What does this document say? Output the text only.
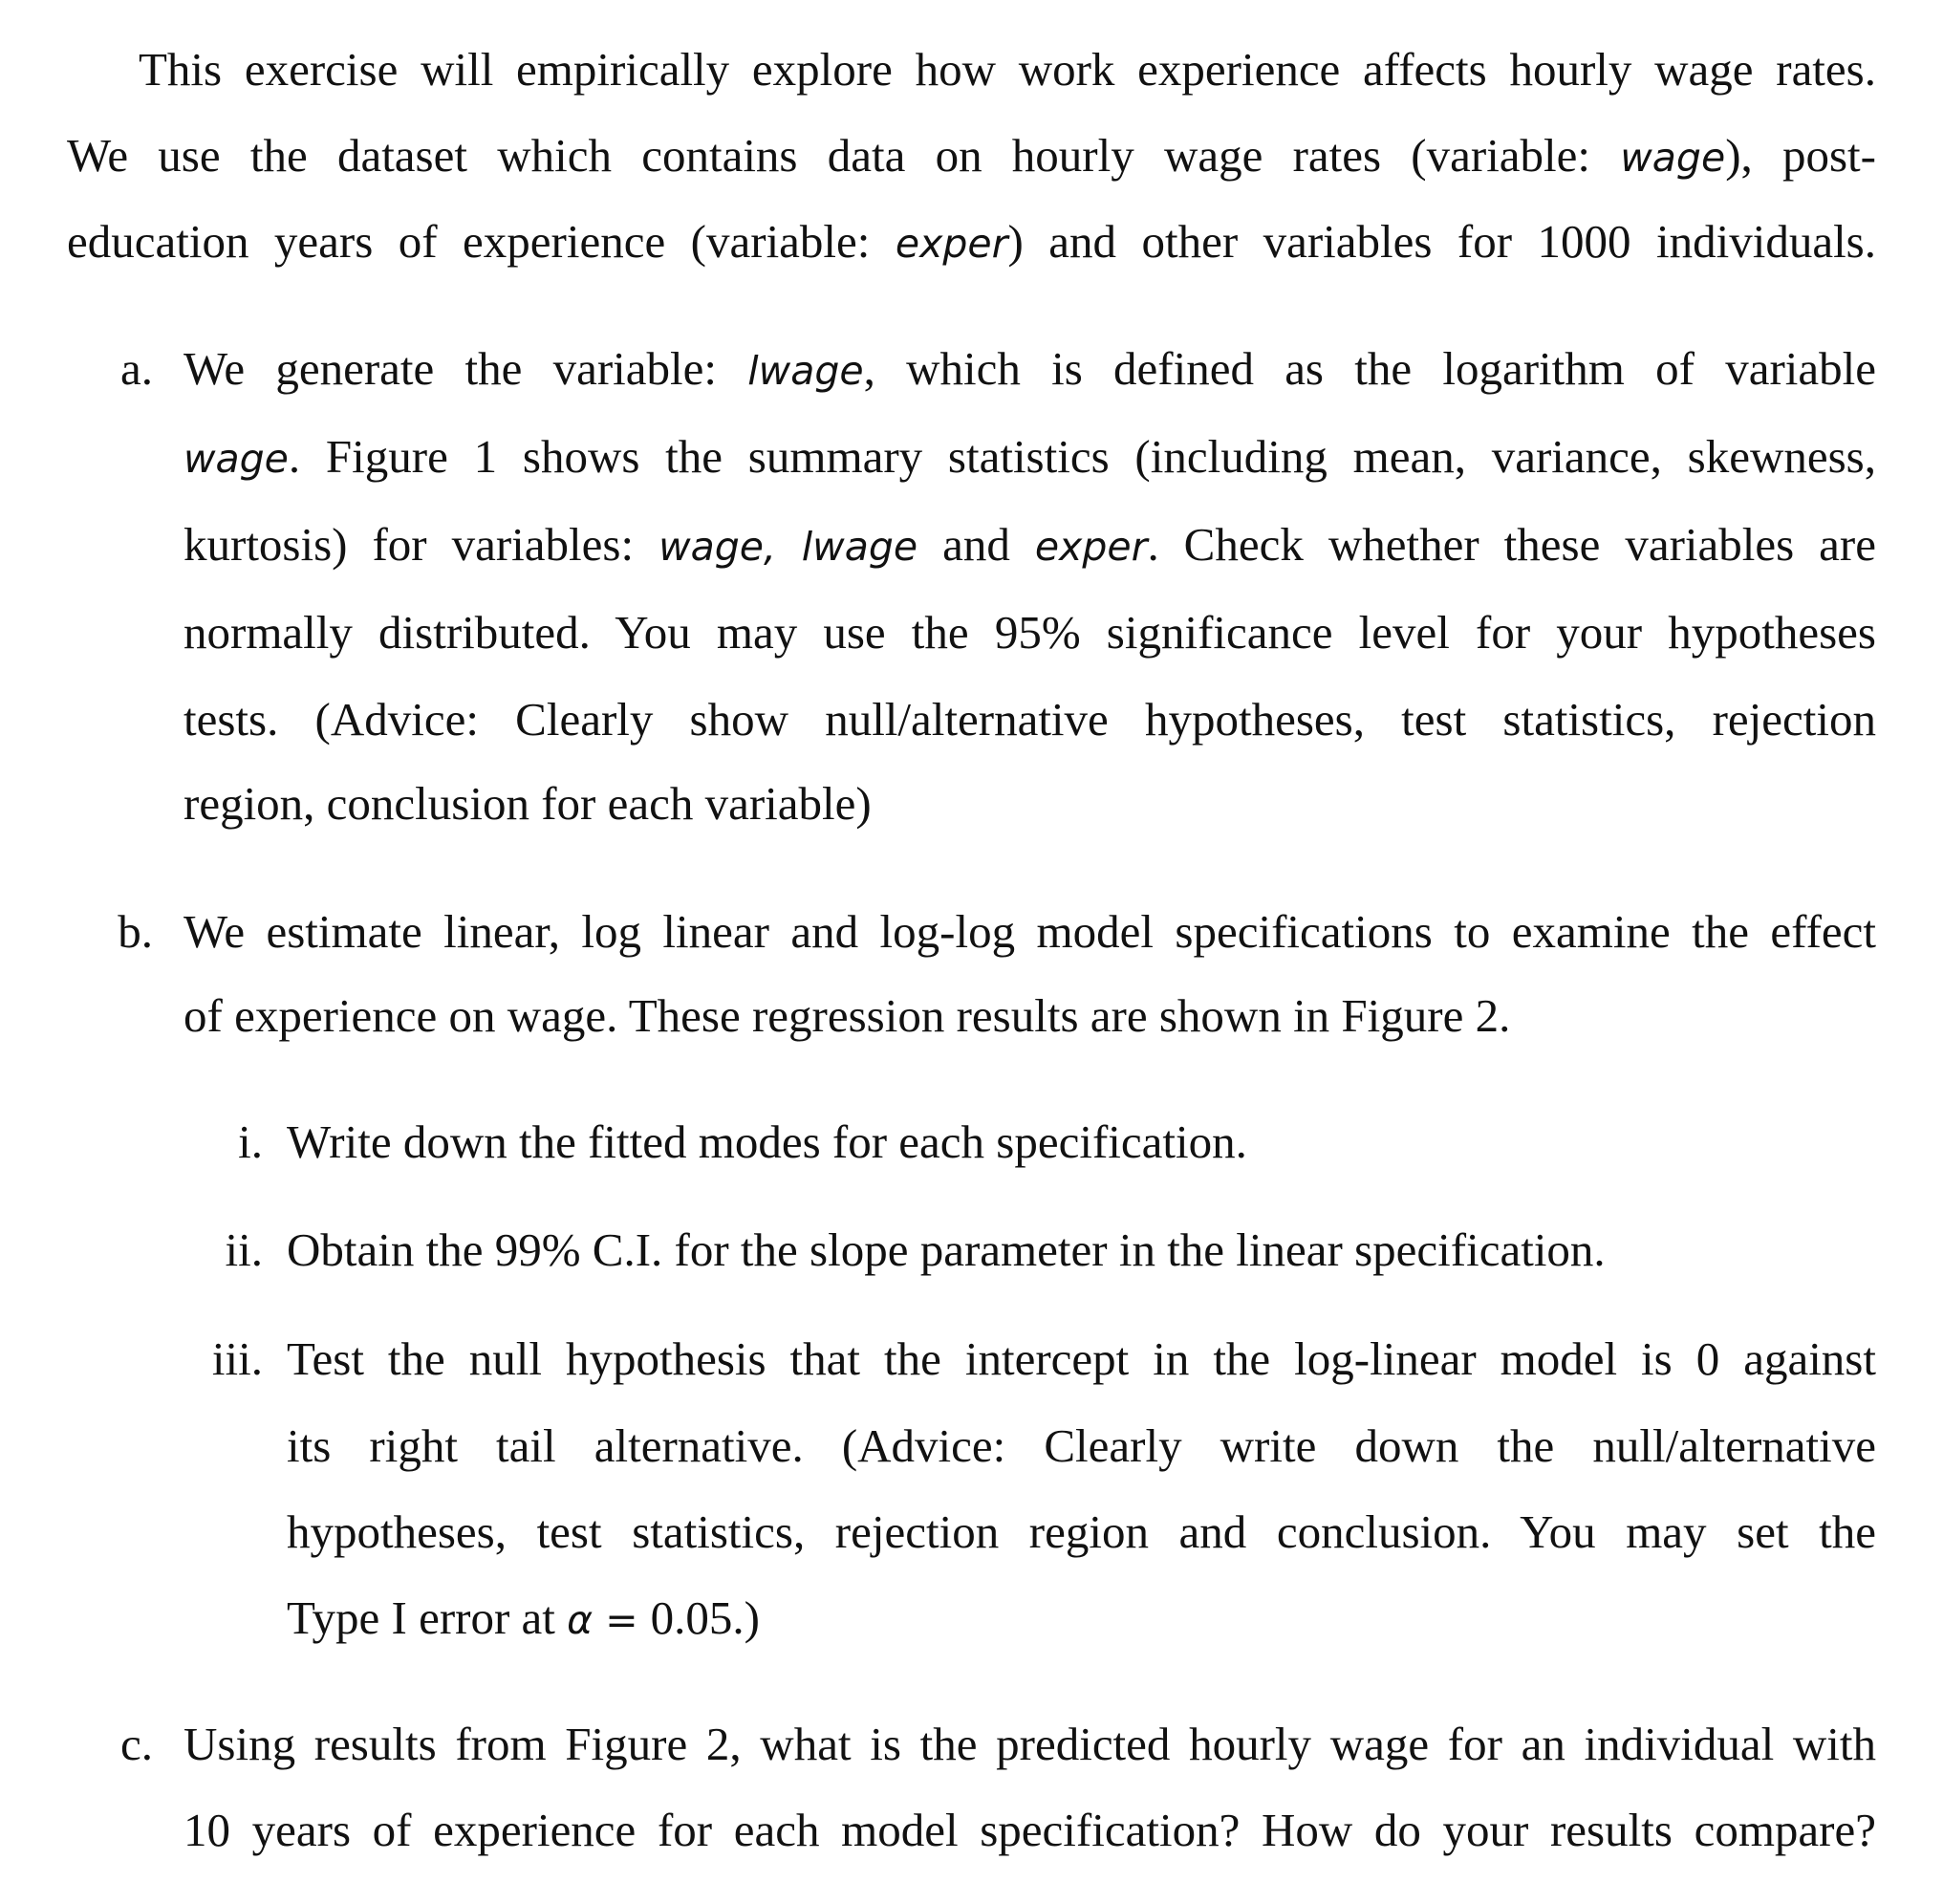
This exercise will empirically explore how work experience affects hourly wage rates.
We use the dataset which contains data on hourly wage rates (variable: wage), post-
education years of experience (variable: exper) and other variables for 1000 individuals.
a. We generate the variable: lwage, which is defined as the logarithm of variable
wage. Figure 1 shows the summary statistics (including mean, variance, skewness,
kurtosis) for variables: wage, lwage and exper. Check whether these variables are
normally distributed. You may use the 95% significance level for your hypotheses
tests. (Advice: Clearly show null/alternative hypotheses, test statistics, rejection
region, conclusion for each variable)
b. We estimate linear, log linear and log-log model specifications to examine the effect
of experience on wage. These regression results are shown in Figure 2.
i. Write down the fitted modes for each specification.
ii. Obtain the 99% C.I. for the slope parameter in the linear specification.
iii. Test the null hypothesis that the intercept in the log-linear model is 0 against
its right tail alternative. (Advice: Clearly write down the null/alternative
hypotheses, test statistics, rejection region and conclusion. You may set the
Type I error at α = 0.05.)
c. Using results from Figure 2, what is the predicted hourly wage for an individual with
10 years of experience for each model specification? How do your results compare?
